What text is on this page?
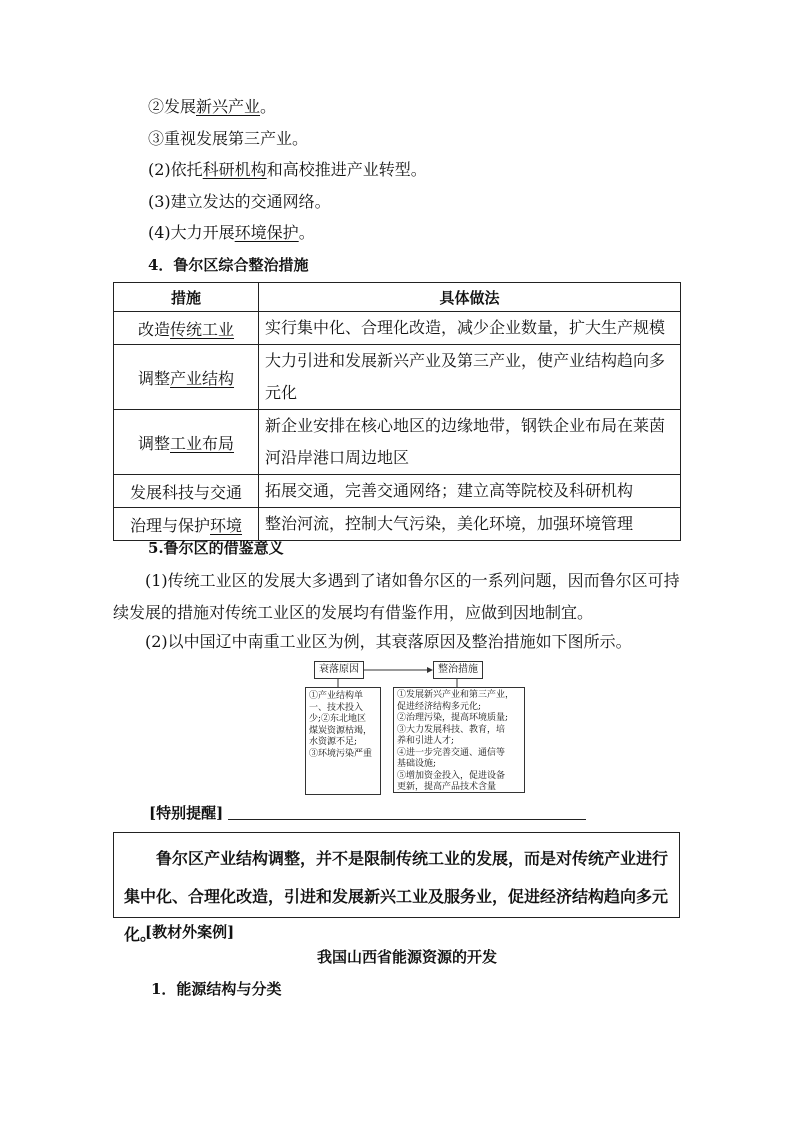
②发展新兴产业。
③重视发展第三产业。
(2)依托科研机构和高校推进产业转型。
(3)建立发达的交通网络。
(4)大力开展环境保护。
4．鲁尔区综合整治措施
措施	具体做法
改造传统工业	实行集中化、合理化改造，减少企业数量，扩大生产规模
调整产业结构	大力引进和发展新兴产业及第三产业，使产业结构趋向多元化
调整工业布局	新企业安排在核心地区的边缘地带，钢铁企业布局在莱茵河沿岸港口周边地区
发展科技与交通	拓展交通，完善交通网络；建立高等院校及科研机构
治理与保护环境	整治河流，控制大气污染，美化环境，加强环境管理
5.鲁尔区的借鉴意义
(1)传统工业区的发展大多遇到了诸如鲁尔区的一系列问题，因而鲁尔区可持续发展的措施对传统工业区的发展均有借鉴作用，应做到因地制宜。
(2)以中国辽中南重工业区为例，其衰落原因及整治措施如下图所示。
衰落原因	整治措施
①产业结构单
一、技术投入
少;②东北地区
煤炭资源枯竭，
水资源不足;
③环境污染严重
①发展新兴产业和第三产业，
促进经济结构多元化;
②治理污染，提高环境质量;
③大力发展科技、教育，培
养和引进人才;
④进一步完善交通、通信等
基础设施;
⑤增加资金投入，促进设备
更新，提高产品技术含量
[特别提醒]
鲁尔区产业结构调整，并不是限制传统工业的发展，而是对传统产业进行集中化、合理化改造，引进和发展新兴工业及服务业，促进经济结构趋向多元化。
[教材外案例]
我国山西省能源资源的开发
1．能源结构与分类
